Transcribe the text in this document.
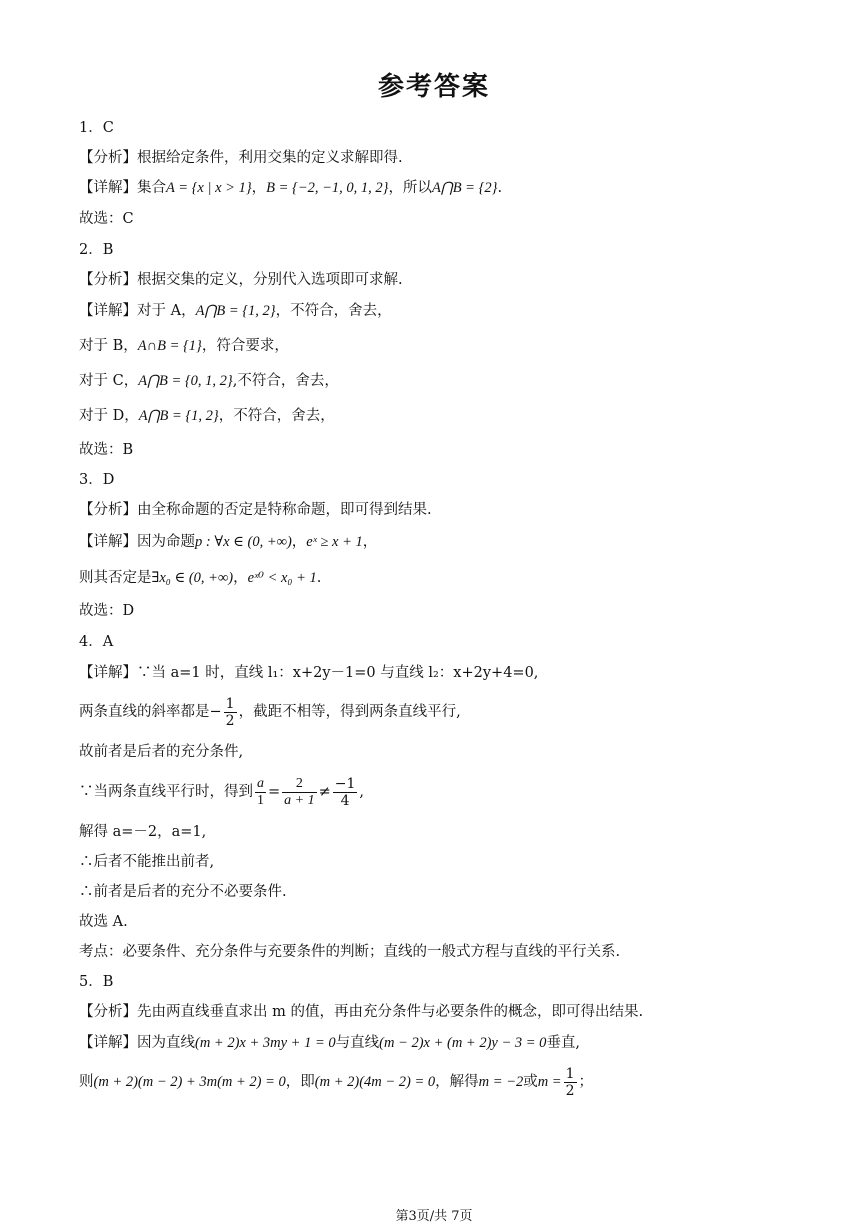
参考答案
1．C
【分析】根据给定条件，利用交集的定义求解即得.
【详解】集合A = {x | x > 1}，B = {−2, −1, 0, 1, 2}，所以A⋂B = {2}.
故选：C
2．B
【分析】根据交集的定义，分别代入选项即可求解.
【详解】对于 A，A⋂B = {1, 2}，不符合，舍去，
对于 B，A∩B = {1}，符合要求，
对于 C，A⋂B = {0, 1, 2},不符合，舍去，
对于 D，A⋂B = {1, 2}，不符合，舍去，
故选：B
3．D
【分析】由全称命题的否定是特称命题，即可得到结果.
【详解】因为命题p : ∀x ∈ (0, +∞)，eˣ ≥ x + 1，
则其否定是∃x₀ ∈ (0, +∞)，eˣ⁰ < x₀ + 1.
故选：D
4．A
【详解】∵当 a=1 时，直线 l₁：x+2y－1=0 与直线 l₂：x+2y+4=0,
两条直线的斜率都是− $\frac{1}{2}$ ，截距不相等，得到两条直线平行,
故前者是后者的充分条件,
∵当两条直线平行时，得到 $\frac{a}{1} = \frac{2}{a + 1} \ne \frac{-1}{4}$ ,
解得 a=－2，a=1,
∴后者不能推出前者,
∴前者是后者的充分不必要条件.
故选 A.
考点：必要条件、充分条件与充要条件的判断；直线的一般式方程与直线的平行关系.
5．B
【分析】先由两直线垂直求出 m 的值，再由充分条件与必要条件的概念，即可得出结果.
【详解】因为直线(m + 2)x + 3my + 1 = 0与直线(m − 2)x + (m + 2)y − 3 = 0垂直,
则(m + 2)(m − 2) + 3m(m + 2) = 0，即(m + 2)(4m − 2) = 0，解得m = −2或$m = \frac{1}{2}$ ；
第3页/共 7页
